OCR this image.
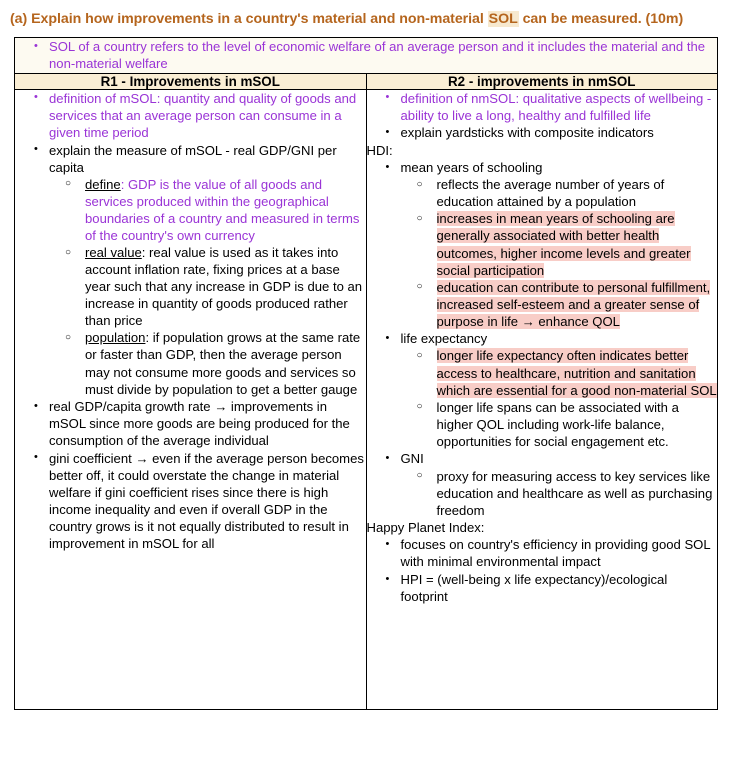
(a) Explain how improvements in a country's material and non-material SOL can be measured. (10m)
• SOL of a country refers to the level of economic welfare of an average person and it includes the material and the non-material welfare

R1 - Improvements in mSOL	R2 - improvements in nmSOL

• definition of mSOL: quantity and quality of goods and services that an average person can consume in a given time period
• explain the measure of mSOL - real GDP/GNI per capita
○ define: GDP is the value of all goods and services produced within the geographical boundaries of a country and measured in terms of the country's own currency
○ real value: real value is used as it takes into account inflation rate, fixing prices at a base year such that any increase in GDP is due to an increase in quantity of goods produced rather than price
○ population: if population grows at the same rate or faster than GDP, then the average person may not consume more goods and services so must divide by population to get a better gauge
• real GDP/capita growth rate → improvements in mSOL since more goods are being produced for the consumption of the average individual
• gini coefficient → even if the average person becomes better off, it could overstate the change in material welfare if gini coefficient rises since there is high income inequality and even if overall GDP in the country grows is it not equally distributed to result in improvement in mSOL for all

• definition of nmSOL: qualitative aspects of wellbeing - ability to live a long, healthy and fulfilled life
• explain yardsticks with composite indicators
HDI:
• mean years of schooling
○ reflects the average number of years of education attained by a population
○ increases in mean years of schooling are generally associated with better health outcomes, higher income levels and greater social participation
○ education can contribute to personal fulfillment, increased self-esteem and a greater sense of purpose in life → enhance QOL
• life expectancy
○ longer life expectancy often indicates better access to healthcare, nutrition and sanitation which are essential for a good non-material SOL
○ longer life spans can be associated with a higher QOL including work-life balance, opportunities for social engagement etc.
• GNI
○ proxy for measuring access to key services like education and healthcare as well as purchasing freedom
Happy Planet Index:
• focuses on country's efficiency in providing good SOL with minimal environmental impact
• HPI = (well-being x life expectancy)/ecological footprint
